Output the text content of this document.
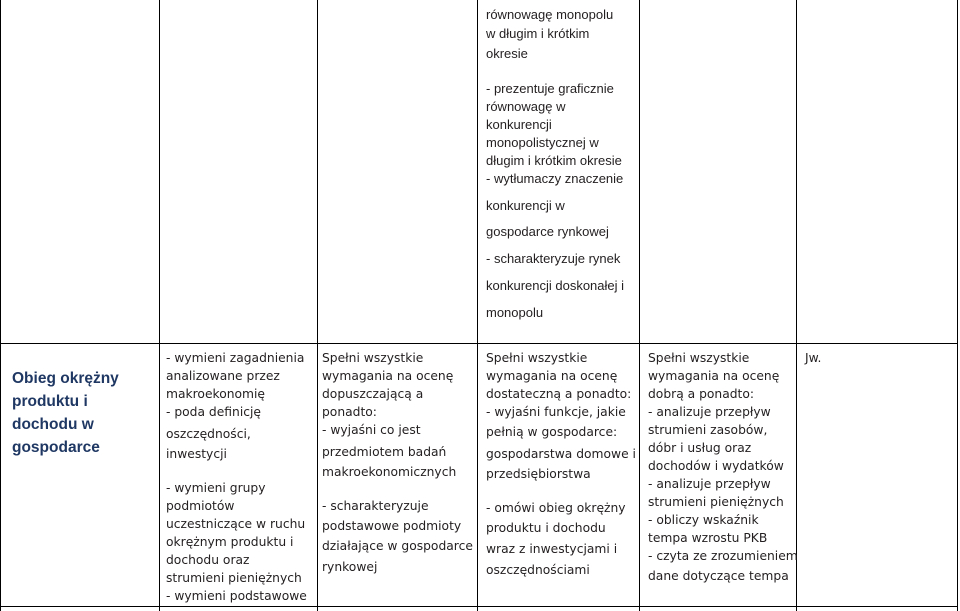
równowagę monopolu
w długim i krótkim
okresie
- prezentuje graficznie
równowagę w
konkurencji
monopolistycznej w
długim i krótkim okresie
- wytłumaczy znaczenie
konkurencji w
gospodarce rynkowej
- scharakteryzuje rynek
konkurencji doskonałej i
monopolu
Obieg okrężny
produktu i
dochodu w
gospodarce
- wymieni zagadnienia
analizowane przez
makroekonomię
- poda definicję
oszczędności,
inwestycji
- wymieni grupy
podmiotów
uczestniczące w ruchu
okrężnym produktu i
dochodu oraz
strumieni pieniężnych
- wymieni podstawowe
Spełni wszystkie
wymagania na ocenę
dopuszczającą a
ponadto:
- wyjaśni co jest
przedmiotem badań
makroekonomicznych
- scharakteryzuje
podstawowe podmioty
działające w gospodarce
rynkowej
Spełni wszystkie
wymagania na ocenę
dostateczną a ponadto:
- wyjaśni funkcje, jakie
pełnią w gospodarce:
gospodarstwa domowe i
przedsiębiorstwa
- omówi obieg okrężny
produktu i dochodu
wraz z inwestycjami i
oszczędnościami
Spełni wszystkie
wymagania na ocenę
dobrą a ponadto:
- analizuje przepływ
strumieni zasobów,
dóbr i usług oraz
dochodów i wydatków
- analizuje przepływ
strumieni pieniężnych
- obliczy wskaźnik
tempa wzrostu PKB
- czyta ze zrozumieniem
dane dotyczące tempa
Jw.
